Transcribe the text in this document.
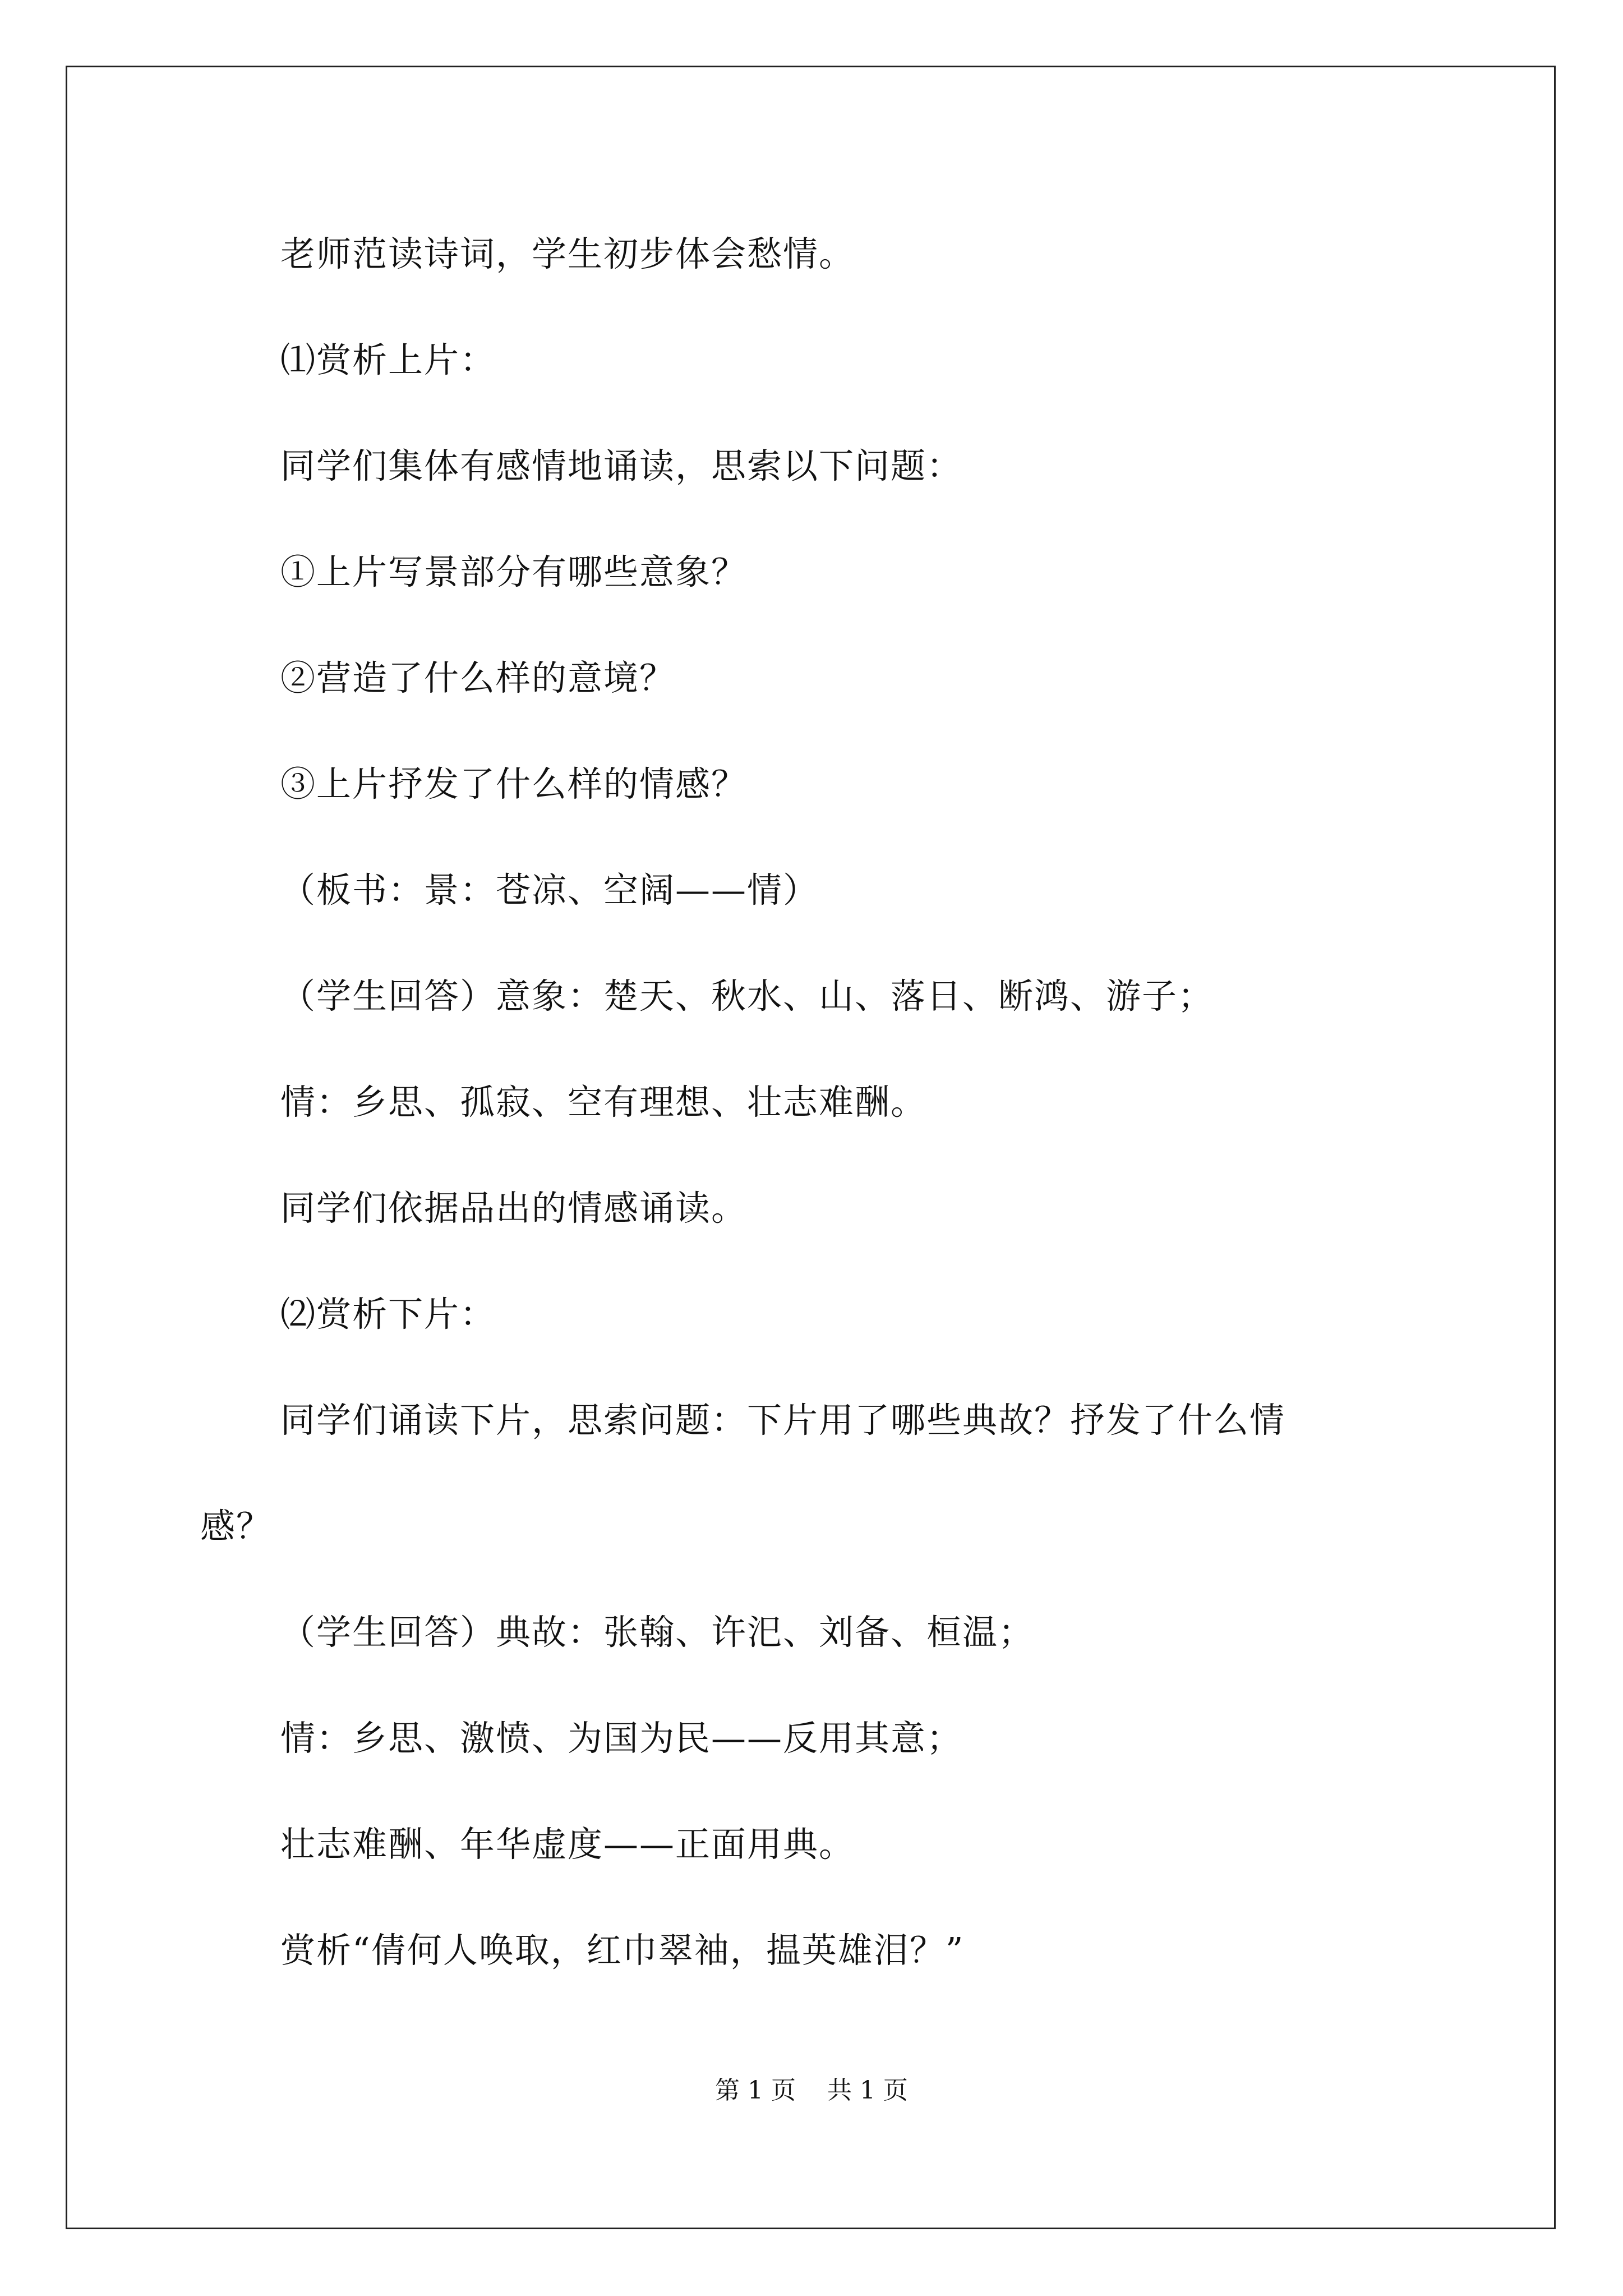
老师范读诗词，学生初步体会愁情。
⑴赏析上片：
同学们集体有感情地诵读，思索以下问题：
①上片写景部分有哪些意象？
②营造了什么样的意境？
③上片抒发了什么样的情感？
（板书：景：苍凉、空阔——情）
（学生回答）意象：楚天、秋水、山、落日、断鸿、游子；
情：乡思、孤寂、空有理想、壮志难酬。
同学们依据品出的情感诵读。
⑵赏析下片：
同学们诵读下片，思索问题：下片用了哪些典故？抒发了什么情
感？
（学生回答）典故：张翰、许汜、刘备、桓温；
情：乡思、激愤、为国为民——反用其意；
壮志难酬、年华虚度——正面用典。
赏析“倩何人唤取，红巾翠袖，揾英雄泪？”
第 1 页    共 1 页
